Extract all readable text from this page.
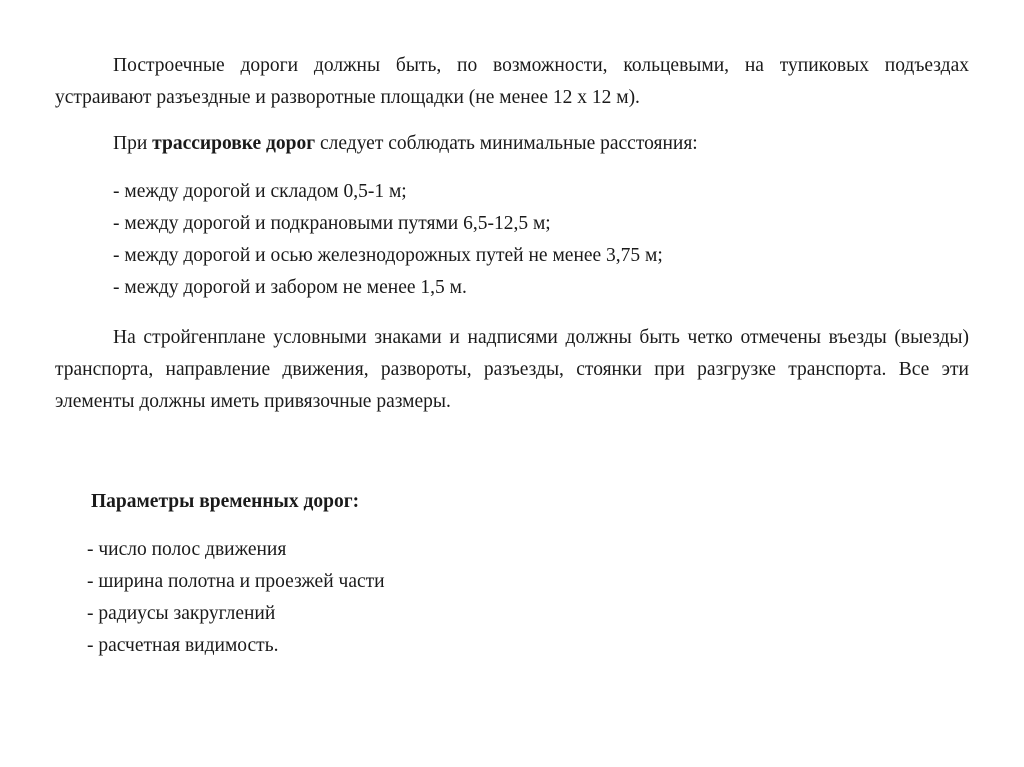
Построечные дороги должны быть, по возможности, кольцевыми, на тупиковых подъездах устраивают разъездные и разворотные площадки (не менее 12 х 12 м).

При трассировке дорог следует соблюдать минимальные расстояния:

- между дорогой и складом 0,5-1 м;
- между дорогой и подкрановыми путями 6,5-12,5 м;
- между дорогой и осью железнодорожных путей не менее 3,75 м;
- между дорогой и забором не менее 1,5 м.

На стройгенплане условными знаками и надписями должны быть четко отмечены въезды (выезды) транспорта, направление движения, развороты, разъезды, стоянки при разгрузке транспорта. Все эти элементы должны иметь привязочные размеры.

Параметры временных дорог:

- число полос движения
- ширина полотна и проезжей части
- радиусы закруглений
- расчетная видимость.
